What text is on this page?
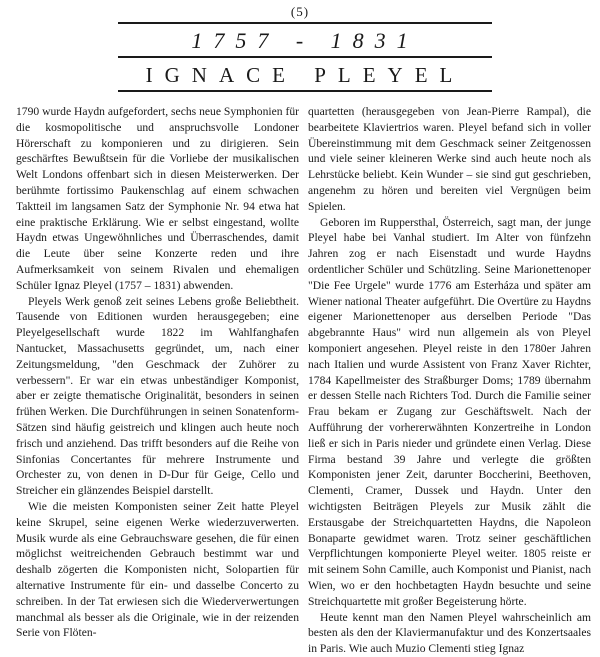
(5)
1757 - 1831
IGNACE PLEYEL

1790 wurde Haydn aufgefordert, sechs neue Symphonien für die kosmopolitische und anspruchsvolle Londoner Hörerschaft zu komponieren und zu dirigieren. Sein geschärftes Bewußtsein für die Vorliebe der musikalischen Welt Londons offenbart sich in diesen Meisterwerken. Der berühmte fortissimo Paukenschlag auf einem schwachen Taktteil im langsamen Satz der Symphonie Nr. 94 etwa hat eine praktische Erklärung. Wie er selbst eingestand, wollte Haydn etwas Ungewöhnliches und Überraschendes, damit die Leute über seine Konzerte reden und ihre Aufmerksamkeit von seinem Rivalen und ehemaligen Schüler Ignaz Pleyel (1757 – 1831) abwenden.

Pleyels Werk genoß zeit seines Lebens große Beliebtheit. Tausende von Editionen wurden herausgegeben; eine Pleyelgesellschaft wurde 1822 im Wahlfanghafen Nantucket, Massachusetts gegründet, um, nach einer Zeitungsmeldung, "den Geschmack der Zuhörer zu verbessern". Er war ein etwas unbeständiger Komponist, aber er zeigte thematische Originalität, besonders in seinen frühen Werken. Die Durchführungen in seinen Sonatenform-Sätzen sind häufig geistreich und klingen auch heute noch frisch und anziehend. Das trifft besonders auf die Reihe von Sinfonias Concertantes für mehrere Instrumente und Orchester zu, von denen in D-Dur für Geige, Cello und Streicher ein glänzendes Beispiel darstellt.

Wie die meisten Komponisten seiner Zeit hatte Pleyel keine Skrupel, seine eigenen Werke wiederzuverwerten. Musik wurde als eine Gebrauchsware gesehen, die für einen möglichst weitreichenden Gebrauch bestimmt war und deshalb zögerten die Komponisten nicht, Solopartien für alternative Instrumente für ein- und dasselbe Concerto zu schreiben. In der Tat erwiesen sich die Wiederverwertungen manchmal als besser als die Originale, wie in der reizenden Serie von Flöten-

quartetten (herausgegeben von Jean-Pierre Rampal), die bearbeitete Klaviertrios waren. Pleyel befand sich in voller Übereinstimmung mit dem Geschmack seiner Zeitgenossen und viele seiner kleineren Werke sind auch heute noch als Lehrstücke beliebt. Kein Wunder – sie sind gut geschrieben, angenehm zu hören und bereiten viel Vergnügen beim Spielen.

Geboren im Ruppersthal, Österreich, sagt man, der junge Pleyel habe bei Vanhal studiert. Im Alter von fünfzehn Jahren zog er nach Eisenstadt und wurde Haydns ordentlicher Schüler und Schützling. Seine Marionettenoper "Die Fee Urgele" wurde 1776 am Esterháza und später am Wiener national Theater aufgeführt. Die Overtüre zu Haydns eigener Marionettenoper aus derselben Periode "Das abgebrannte Haus" wird nun allgemein als von Pleyel komponiert angesehen. Pleyel reiste in den 1780er Jahren nach Italien und wurde Assistent von Franz Xaver Richter, 1784 Kapellmeister des Straßburger Doms; 1789 übernahm er dessen Stelle nach Richters Tod. Durch die Familie seiner Frau bekam er Zugang zur Geschäftswelt. Nach der Aufführung der vorhererwähnten Konzertreihe in London ließ er sich in Paris nieder und gründete einen Verlag. Diese Firma bestand 39 Jahre und verlegte die größten Komponisten jener Zeit, darunter Boccherini, Beethoven, Clementi, Cramer, Dussek und Haydn. Unter den wichtigsten Beiträgen Pleyels zur Musik zählt die Erstausgabe der Streichquartetten Haydns, die Napoleon Bonaparte gewidmet waren. Trotz seiner geschäftlichen Verpflichtungen komponierte Pleyel weiter. 1805 reiste er mit seinem Sohn Camille, auch Komponist und Pianist, nach Wien, wo er den hochbetagten Haydn besuchte und seine Streichquartette mit großer Begeisterung hörte.

Heute kennt man den Namen Pleyel wahrscheinlich am besten als den der Klaviermanufaktur und des Konzertsaales in Paris. Wie auch Muzio Clementi stieg Ignaz
